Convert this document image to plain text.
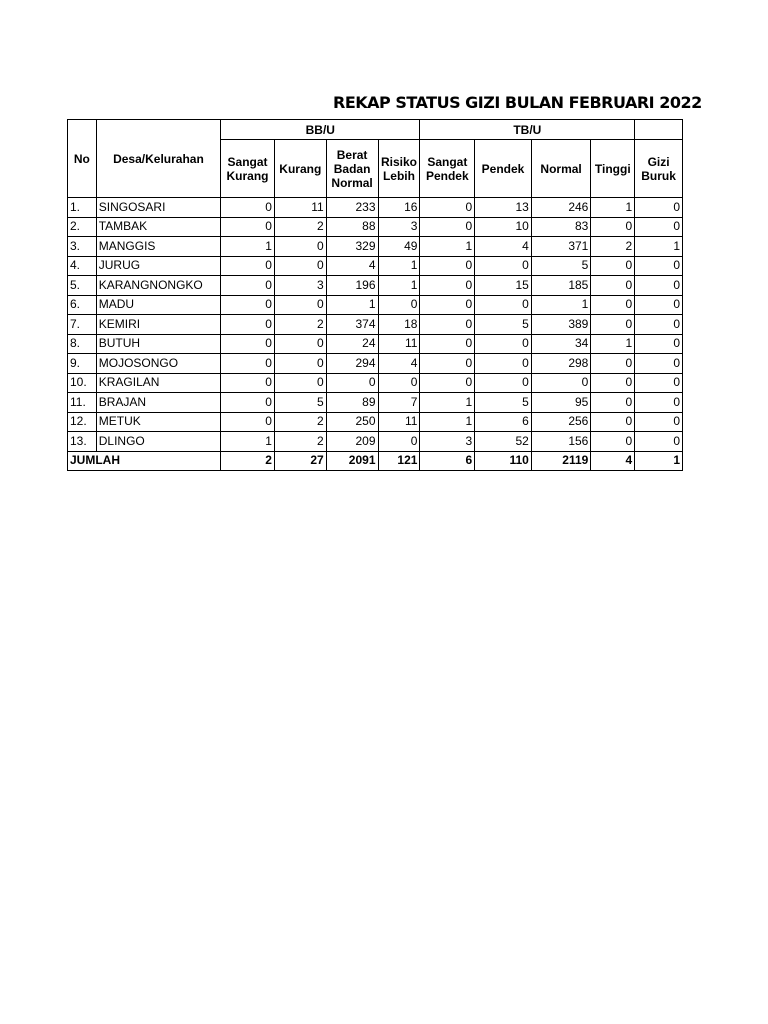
REKAP STATUS GIZI BULAN FEBRUARI 2022
No	Desa/Kelurahan	BB/U				TB/U				
		Sangat Kurang	Kurang	Berat Badan Normal	Risiko Lebih	Sangat Pendek	Pendek	Normal	Tinggi	Gizi Buruk
1.	SINGOSARI	0	11	233	16	0	13	246	1	0
2.	TAMBAK	0	2	88	3	0	10	83	0	0
3.	MANGGIS	1	0	329	49	1	4	371	2	1
4.	JURUG	0	0	4	1	0	0	5	0	0
5.	KARANGNONGKO	0	3	196	1	0	15	185	0	0
6.	MADU	0	0	1	0	0	0	1	0	0
7.	KEMIRI	0	2	374	18	0	5	389	0	0
8.	BUTUH	0	0	24	11	0	0	34	1	0
9.	MOJOSONGO	0	0	294	4	0	0	298	0	0
10.	KRAGILAN	0	0	0	0	0	0	0	0	0
11.	BRAJAN	0	5	89	7	1	5	95	0	0
12.	METUK	0	2	250	11	1	6	256	0	0
13.	DLINGO	1	2	209	0	3	52	156	0	0
JUMLAH		2	27	2091	121	6	110	2119	4	1
